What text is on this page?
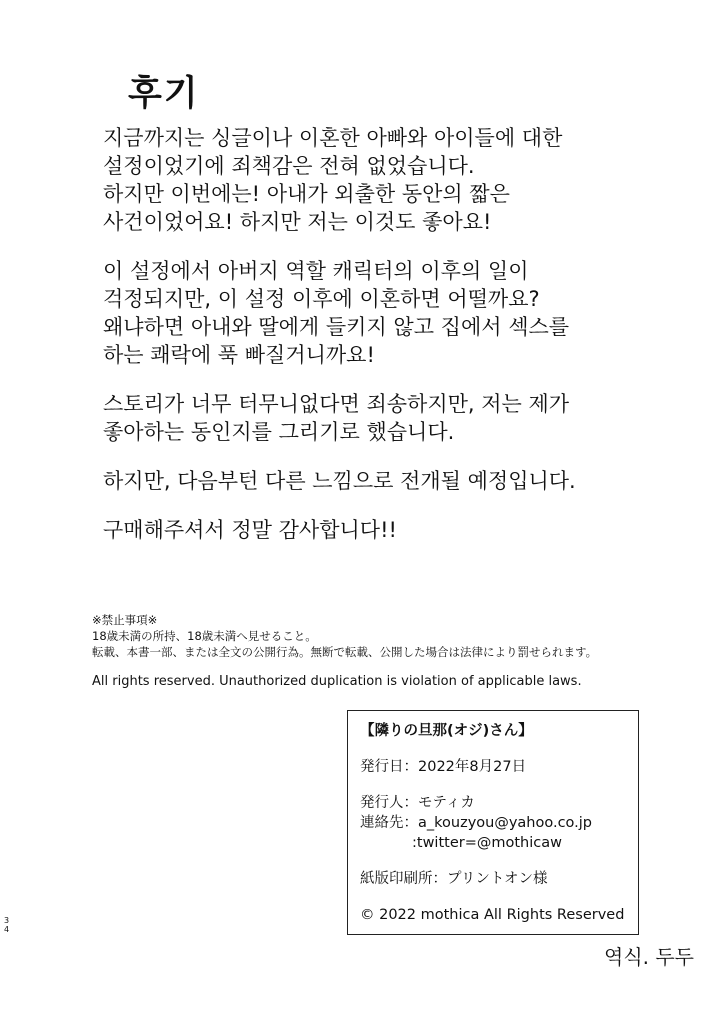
후기
지금까지는 싱글이나 이혼한 아빠와 아이들에 대한
설정이었기에 죄책감은 전혀 없었습니다.
하지만 이번에는! 아내가 외출한 동안의 짧은
사건이었어요! 하지만 저는 이것도 좋아요!
이 설정에서 아버지 역할 캐릭터의 이후의 일이
걱정되지만, 이 설정 이후에 이혼하면 어떨까요?
왜냐하면 아내와 딸에게 들키지 않고 집에서 섹스를
하는 쾌락에 푹 빠질거니까요!
스토리가 너무 터무니없다면 죄송하지만, 저는 제가
좋아하는 동인지를 그리기로 했습니다.
하지만, 다음부턴 다른 느낌으로 전개될 예정입니다.
구매해주셔서 정말 감사합니다!!
※禁止事項※
18歳未満の所持、18歳未満へ見せること。
転載、本書一部、または全文の公開行為。無断で転載、公開した場合は法律により罰せられます。
All rights reserved. Unauthorized duplication is violation of applicable laws.
【隣りの旦那(オジ)さん】
発行日：2022年8月27日
発行人：モティカ
連絡先：a_kouzyou@yahoo.co.jp
:twitter=@mothicaw
紙版印刷所：プリントオン様
© 2022 mothica All Rights Reserved
34
역식. 두두
